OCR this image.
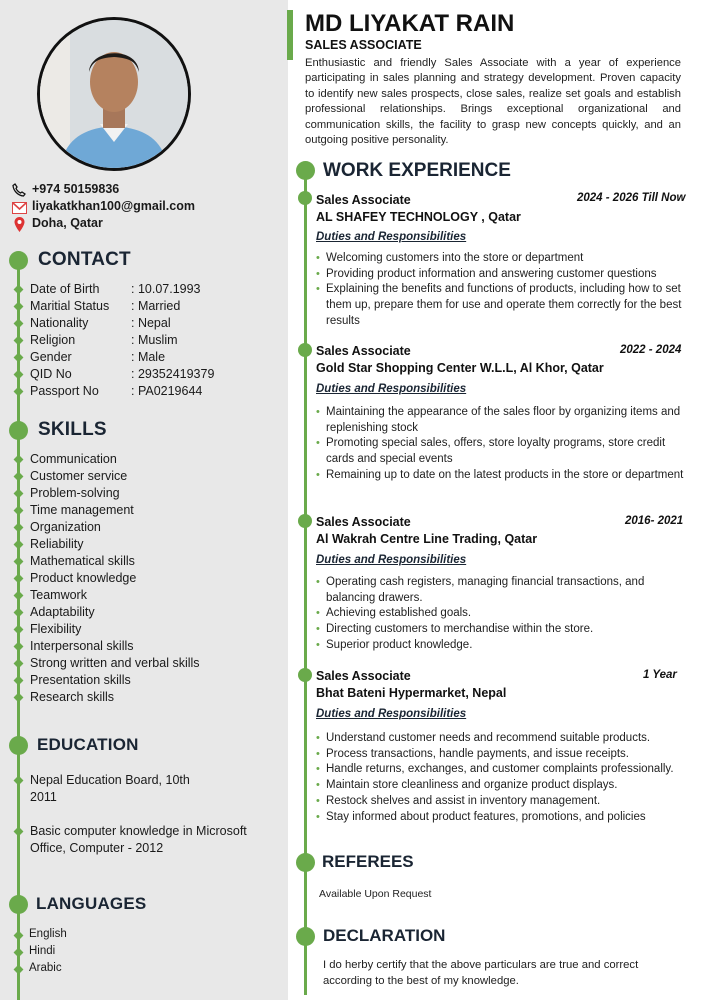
+974 50159836
liyakatkhan100@gmail.com
Doha, Qatar
CONTACT
Date of Birth	: 10.07.1993
Maritial Status : Married
Nationality	: Nepal
Religion	: Muslim
Gender	: Male
QID No	: 29352419379
Passport No	: PA0219644
SKILLS
Communication
Customer service
Problem-solving
Time management
Organization
Reliability
Mathematical skills
Product knowledge
Teamwork
Adaptability
Flexibility
Interpersonal skills
Strong written and verbal skills
Presentation skills
Research skills
EDUCATION
Nepal Education Board, 10th
2011
Basic computer knowledge in Microsoft
Office, Computer - 2012
LANGUAGES
English
Hindi
Arabic
MD LIYAKAT RAIN
SALES ASSOCIATE
Enthusiastic and friendly Sales Associate with a year of experience participating in sales planning and strategy development. Proven capacity to identify new sales prospects, close sales, realize set goals and establish professional relationships. Brings exceptional organizational and communication skills, the facility to grasp new concepts quickly, and an outgoing positive personality.
WORK EXPERIENCE
Sales Associate	2024 - 2026 Till Now
AL SHAFEY TECHNOLOGY , Qatar
Duties and Responsibilities
• Welcoming customers into the store or department
• Providing product information and answering customer questions
• Explaining the benefits and functions of products, including how to set them up, prepare them for use and operate them correctly for the best results
Sales Associate	2022 - 2024
Gold Star Shopping Center W.L.L, Al Khor, Qatar
Duties and Responsibilities
• Maintaining the appearance of the sales floor by organizing items and replenishing stock
• Promoting special sales, offers, store loyalty programs, store credit cards and special events
• Remaining up to date on the latest products in the store or department
Sales Associate	2016- 2021
Al Wakrah Centre Line Trading, Qatar
Duties and Responsibilities
• Operating cash registers, managing financial transactions, and balancing drawers.
• Achieving established goals.
• Directing customers to merchandise within the store.
• Superior product knowledge.
Sales Associate	1 Year
Bhat Bateni Hypermarket, Nepal
Duties and Responsibilities
• Understand customer needs and recommend suitable products.
• Process transactions, handle payments, and issue receipts.
• Handle returns, exchanges, and customer complaints professionally.
• Maintain store cleanliness and organize product displays.
• Restock shelves and assist in inventory management.
• Stay informed about product features, promotions, and policies
REFEREES
Available Upon Request
DECLARATION
I do herby certify that the above particulars are true and correct according to the best of my knowledge.
